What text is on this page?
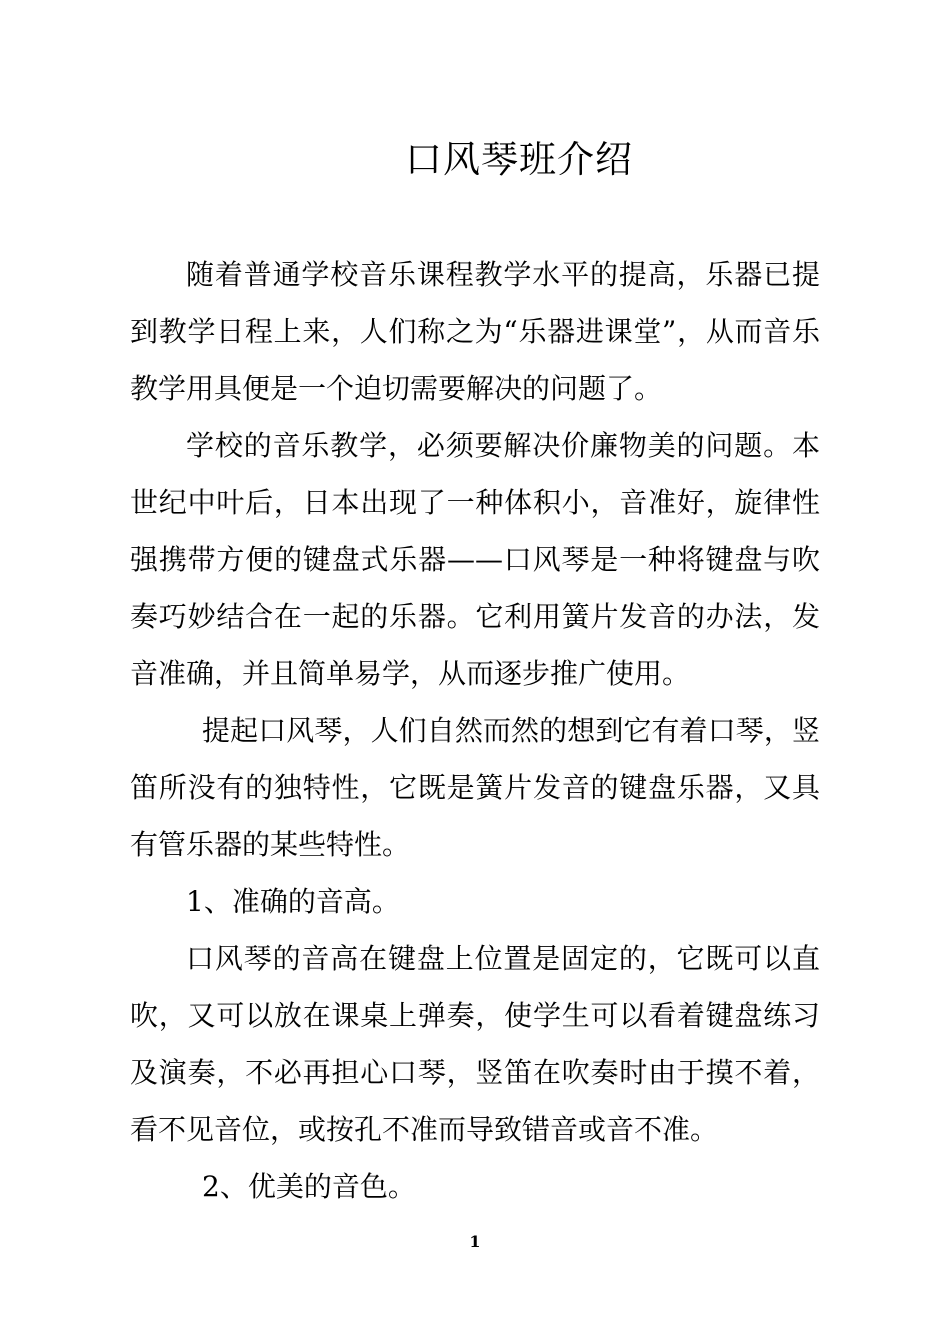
口风琴班介绍

随着普通学校音乐课程教学水平的提高，乐器已提到教学日程上来，人们称之为“乐器进课堂”，从而音乐教学用具便是一个迫切需要解决的问题了。

学校的音乐教学，必须要解决价廉物美的问题。本世纪中叶后，日本出现了一种体积小，音准好，旋律性强携带方便的键盘式乐器——口风琴是一种将键盘与吹奏巧妙结合在一起的乐器。它利用簧片发音的办法，发音准确，并且简单易学，从而逐步推广使用。

提起口风琴，人们自然而然的想到它有着口琴，竖笛所没有的独特性，它既是簧片发音的键盘乐器，又具有管乐器的某些特性。

1、准确的音高。

口风琴的音高在键盘上位置是固定的，它既可以直吹，又可以放在课桌上弹奏，使学生可以看着键盘练习及演奏，不必再担心口琴，竖笛在吹奏时由于摸不着，看不见音位，或按孔不准而导致错音或音不准。

2、优美的音色。

1
